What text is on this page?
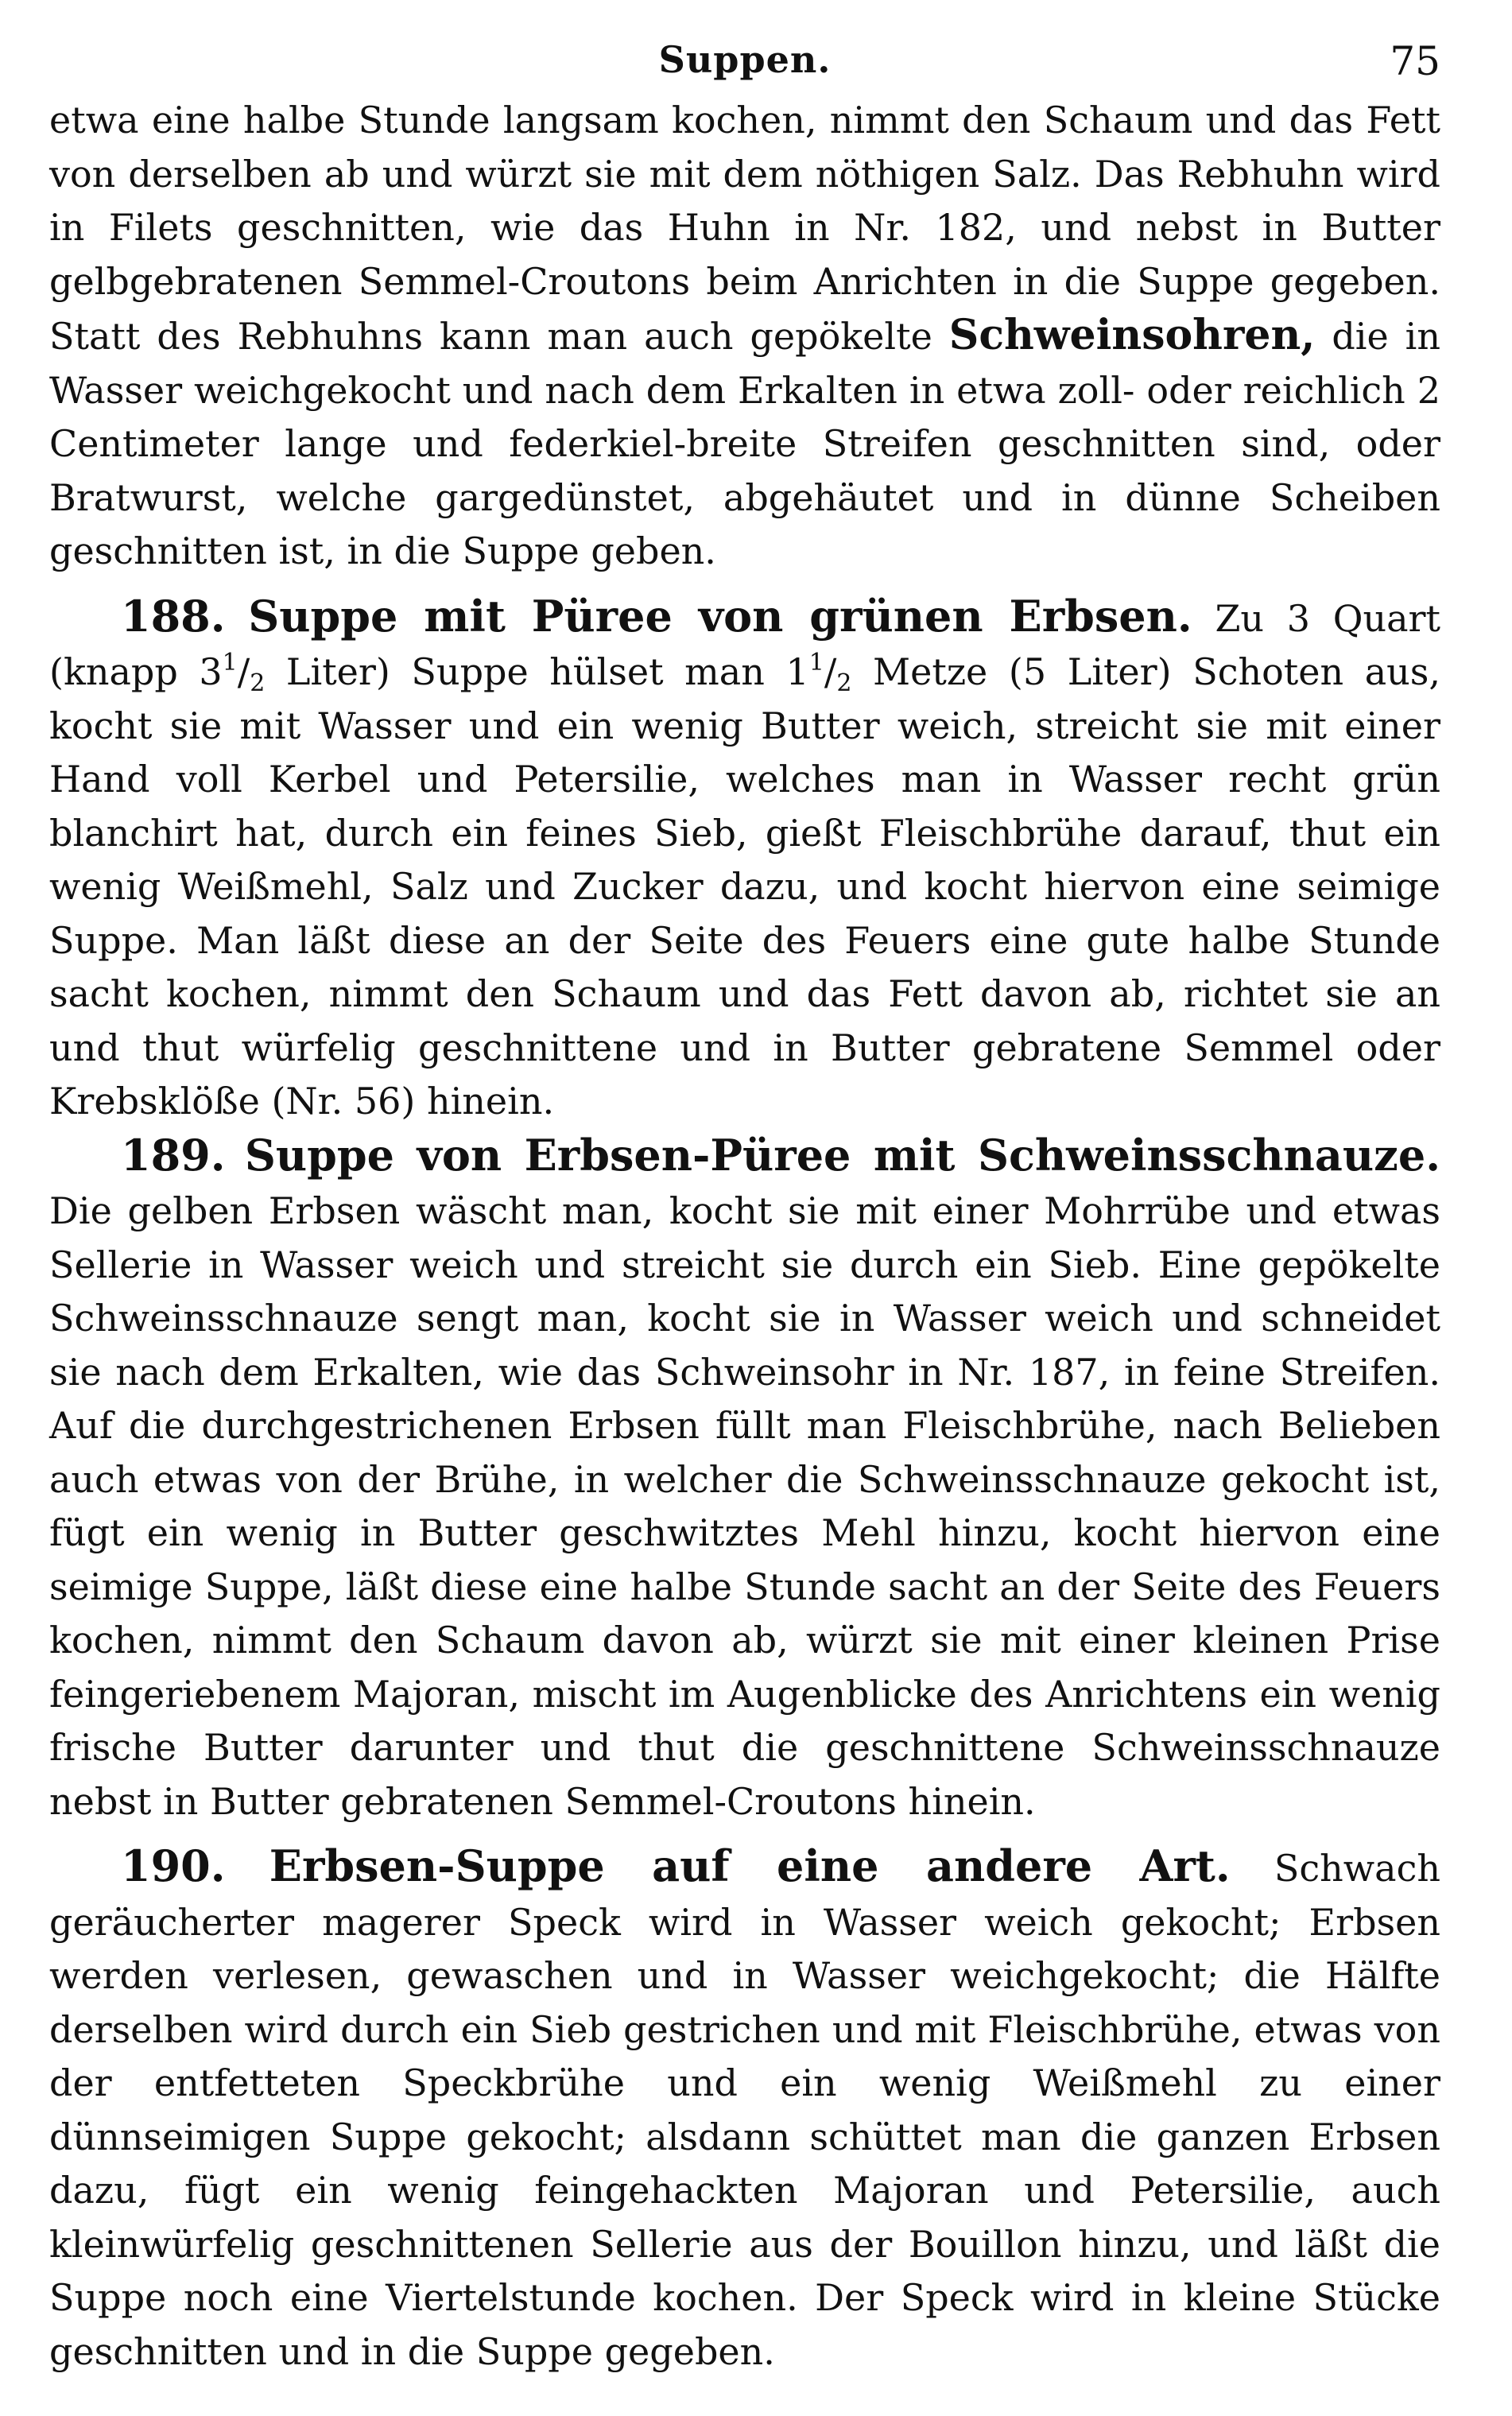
Suppen.	75

etwa eine halbe Stunde langsam kochen, nimmt den Schaum und das Fett von derselben ab und würzt sie mit dem nöthigen Salz. Das Rebhuhn wird in Filets geschnitten, wie das Huhn in Nr. 182, und nebst in Butter gelbgebratenen Semmel-Croutons beim Anrichten in die Suppe gegeben. Statt des Rebhuhns kann man auch gepökelte Schweinsohren, die in Wasser weichgekocht und nach dem Erkalten in etwa zoll- oder reichlich 2 Centimeter lange und federkiel-breite Streifen geschnitten sind, oder Bratwurst, welche gargedünstet, abgehäutet und in dünne Scheiben geschnitten ist, in die Suppe geben.

188. Suppe mit Püree von grünen Erbsen. Zu 3 Quart (knapp $3^1/_2$ Liter) Suppe hülset man $1^1/_2$ Metze (5 Liter) Schoten aus, kocht sie mit Wasser und ein wenig Butter weich, streicht sie mit einer Hand voll Kerbel und Petersilie, welches man in Wasser recht grün blanchirt hat, durch ein feines Sieb, gießt Fleischbrühe darauf, thut ein wenig Weißmehl, Salz und Zucker dazu, und kocht hiervon eine seimige Suppe. Man läßt diese an der Seite des Feuers eine gute halbe Stunde sacht kochen, nimmt den Schaum und das Fett davon ab, richtet sie an und thut würfelig geschnittene und in Butter gebratene Semmel oder Krebsklöße (Nr. 56) hinein.

189. Suppe von Erbsen-Püree mit Schweinsschnauze. Die gelben Erbsen wäscht man, kocht sie mit einer Mohrrübe und etwas Sellerie in Wasser weich und streicht sie durch ein Sieb. Eine gepökelte Schweinsschnauze sengt man, kocht sie in Wasser weich und schneidet sie nach dem Erkalten, wie das Schweinsohr in Nr. 187, in feine Streifen. Auf die durchgestrichenen Erbsen füllt man Fleischbrühe, nach Belieben auch etwas von der Brühe, in welcher die Schweinsschnauze gekocht ist, fügt ein wenig in Butter geschwitztes Mehl hinzu, kocht hiervon eine seimige Suppe, läßt diese eine halbe Stunde sacht an der Seite des Feuers kochen, nimmt den Schaum davon ab, würzt sie mit einer kleinen Prise feingeriebenem Majoran, mischt im Augenblicke des Anrichtens ein wenig frische Butter darunter und thut die geschnittene Schweinsschnauze nebst in Butter gebratenen Semmel-Croutons hinein.

190. Erbsen-Suppe auf eine andere Art. Schwach geräucherter magerer Speck wird in Wasser weich gekocht; Erbsen werden verlesen, gewaschen und in Wasser weichgekocht; die Hälfte derselben wird durch ein Sieb gestrichen und mit Fleischbrühe, etwas von der entfetteten Speckbrühe und ein wenig Weißmehl zu einer dünnseimigen Suppe gekocht; alsdann schüttet man die ganzen Erbsen dazu, fügt ein wenig feingehackten Majoran und Petersilie, auch kleinwürfelig geschnittenen Sellerie aus der Bouillon hinzu, und läßt die Suppe noch eine Viertelstunde kochen. Der Speck wird in kleine Stücke geschnitten und in die Suppe gegeben.
